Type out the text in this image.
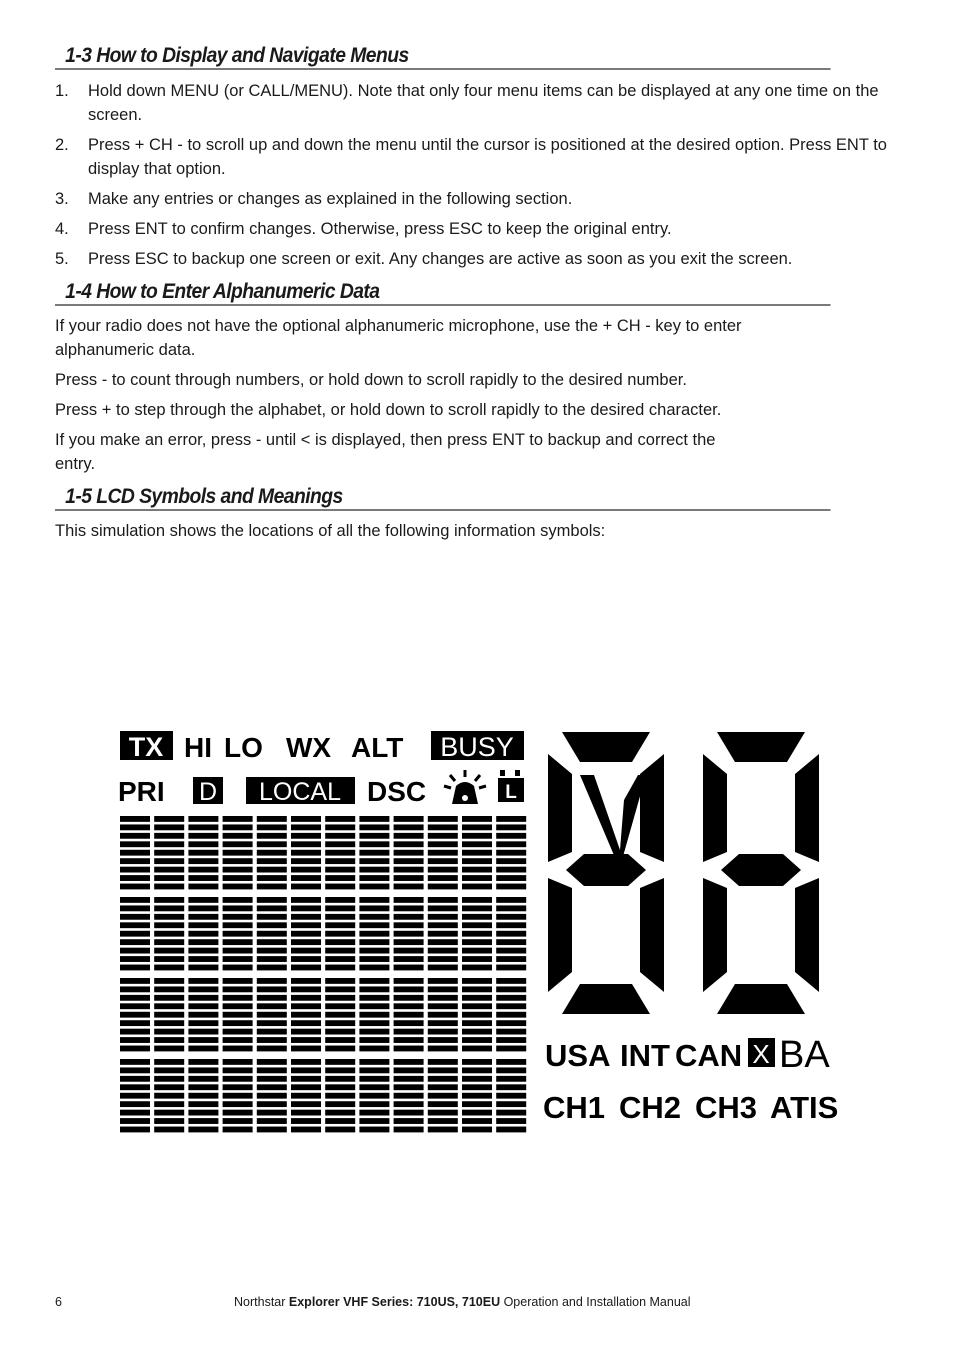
1-3 How to Display and Navigate Menus
1. Hold down MENU (or CALL/MENU). Note that only four menu items can be displayed at any one time on the screen.
2. Press + CH - to scroll up and down the menu until the cursor is positioned at the desired option. Press ENT to display that option.
3. Make any entries or changes as explained in the following section.
4. Press ENT to confirm changes. Otherwise, press ESC to keep the original entry.
5. Press ESC to backup one screen or exit. Any changes are active as soon as you exit the screen.
1-4 How to Enter Alphanumeric Data
If your radio does not have the optional alphanumeric microphone, use the + CH - key to enter alphanumeric data.
Press - to count through numbers, or hold down to scroll rapidly to the desired number.
Press + to step through the alphabet, or hold down to scroll rapidly to the desired character.
If you make an error, press - until < is displayed, then press ENT to backup and correct the entry.
1-5 LCD Symbols and Meanings
This simulation shows the locations of all the following information symbols:
TX HI LO WX ALT BUSY
PRI D LOCAL DSC	L
USA INT CAN X BA
CH1 CH2 CH3 ATIS
6	Northstar Explorer VHF Series: 710US, 710EU Operation and Installation Manual
